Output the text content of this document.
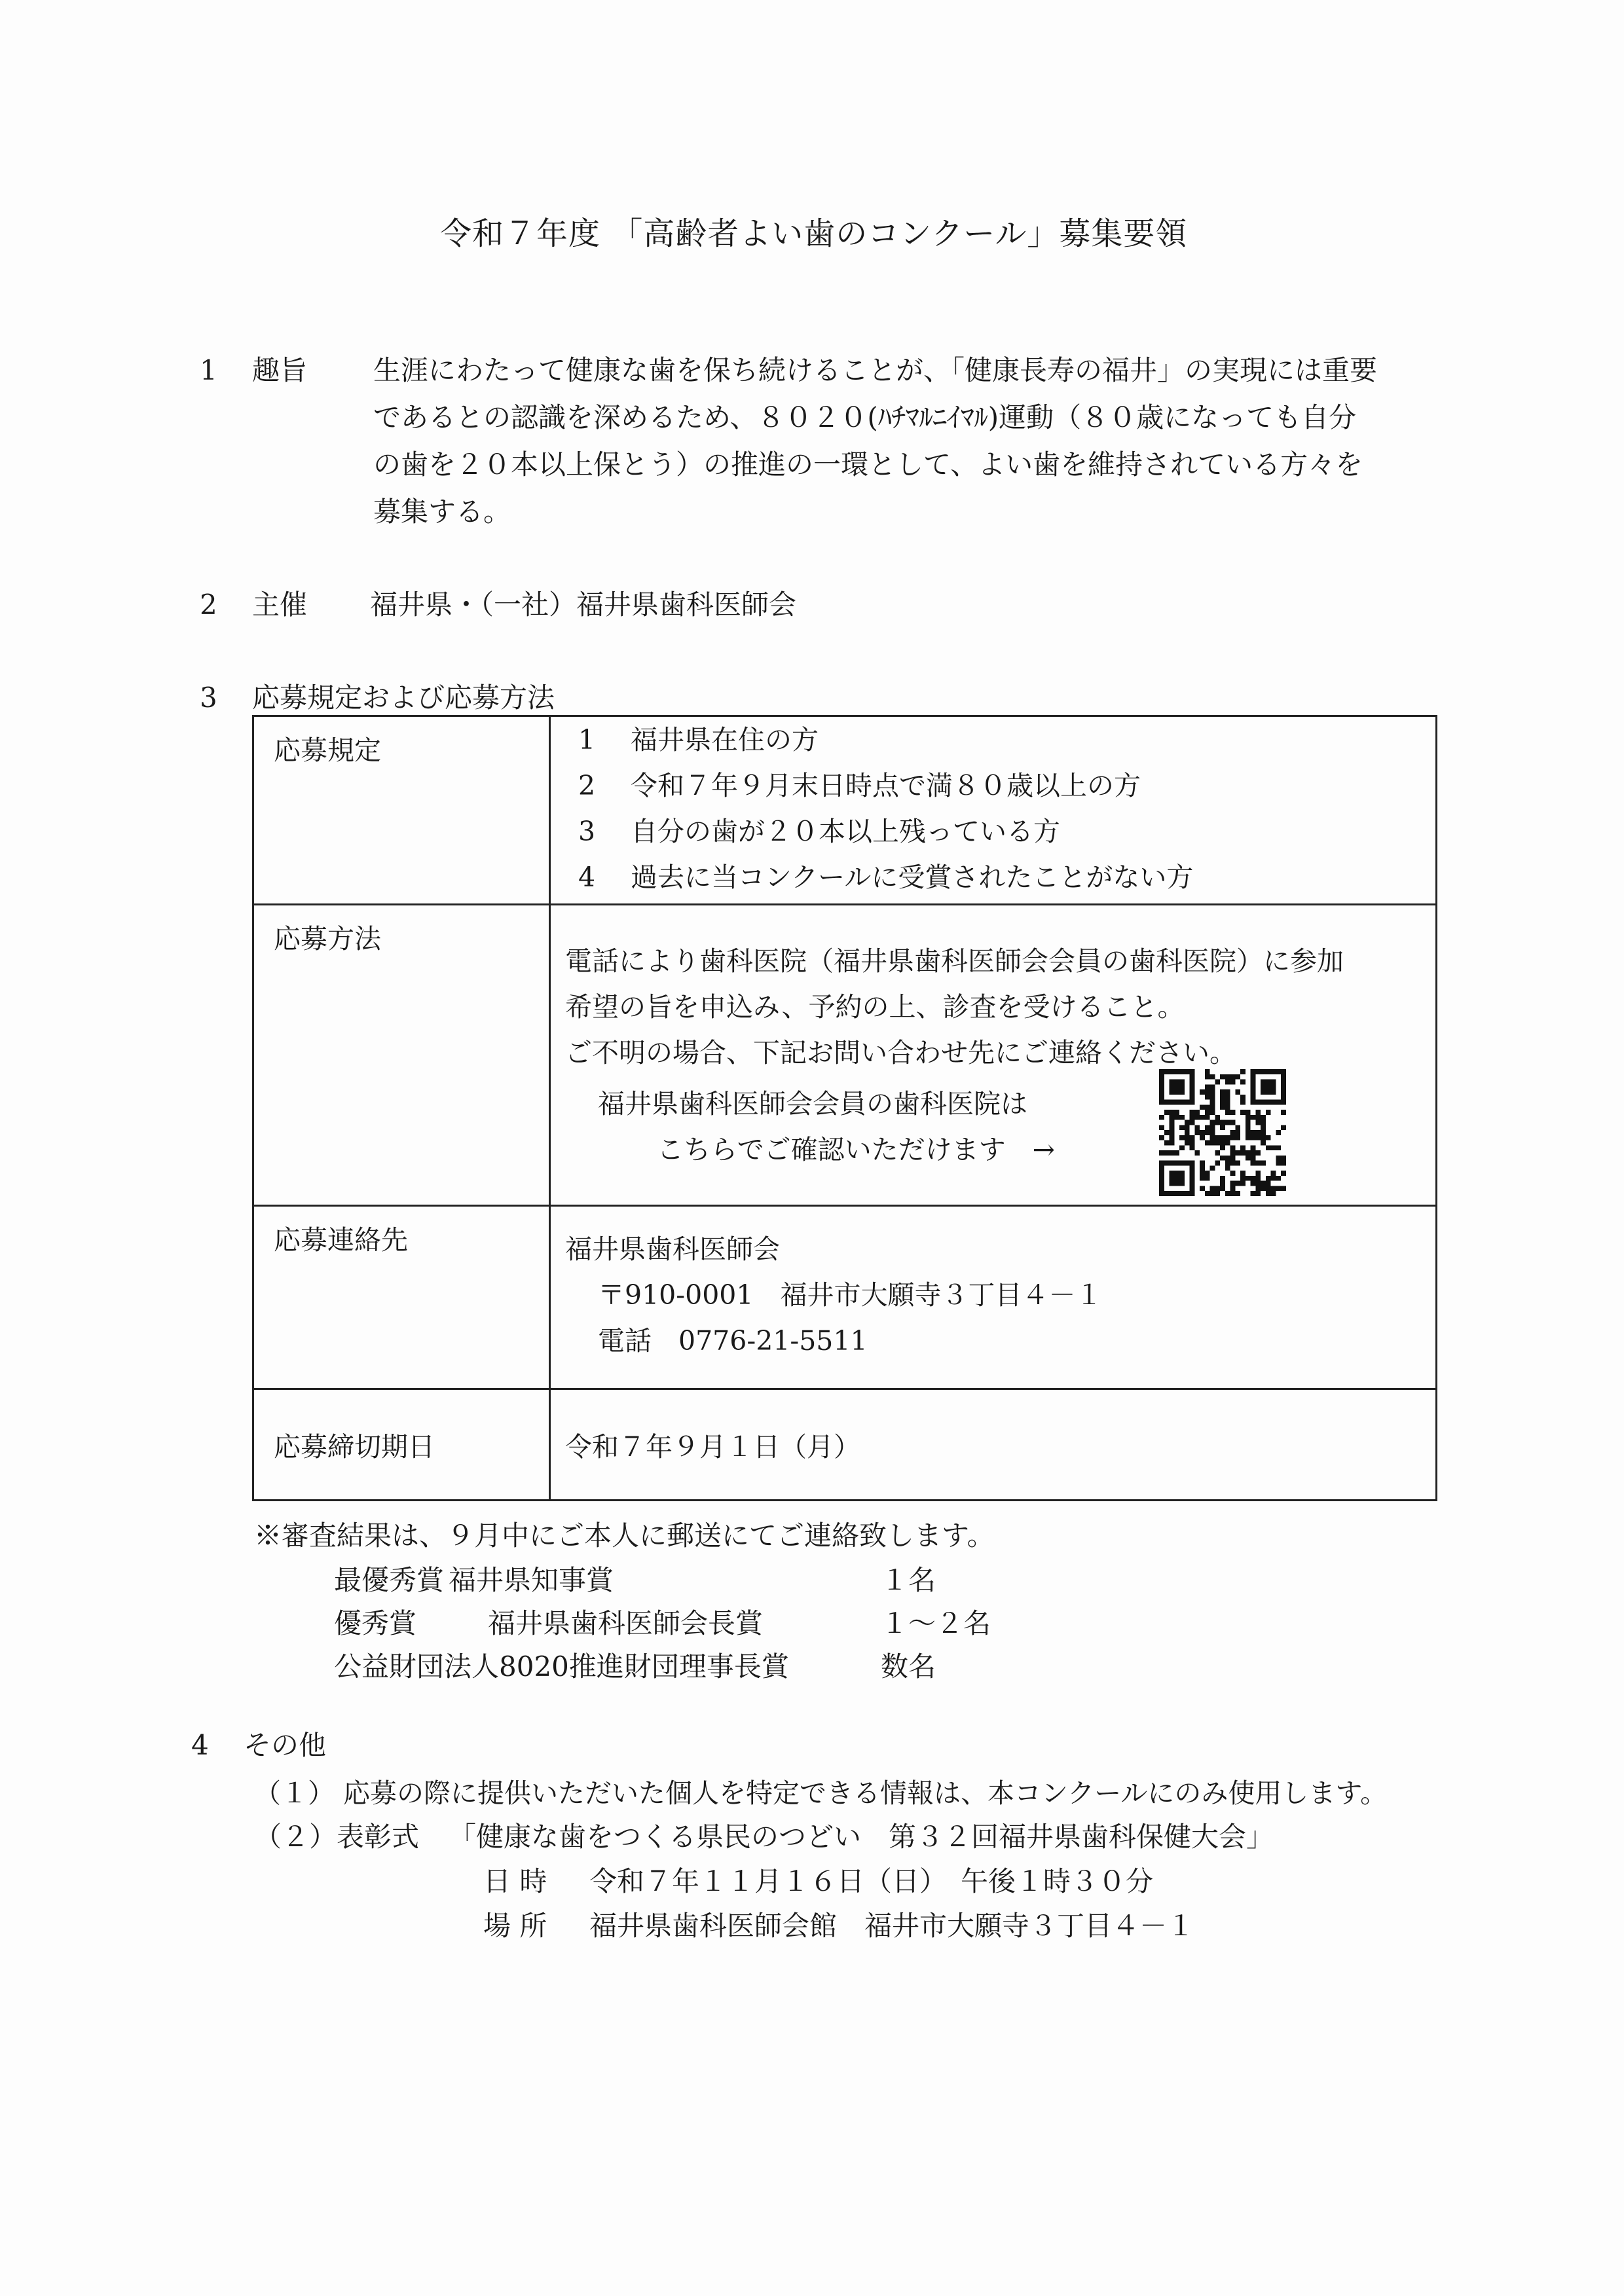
令和７年度 「高齢者よい歯のコンクール」募集要領
1 趣旨 生涯にわたって健康な歯を保ち続けることが、「健康長寿の福井」の実現には重要
であるとの認識を深めるため、８０２０(ﾊﾁﾏﾙﾆｲﾏﾙ)運動（８０歳になっても自分
の歯を２０本以上保とう）の推進の一環として、よい歯を維持されている方々を
募集する。
2 主催 福井県・（一社）福井県歯科医師会
3 応募規定および応募方法
応募規定	1 福井県在住の方
2 令和７年９月末日時点で満８０歳以上の方
3 自分の歯が２０本以上残っている方
4 過去に当コンクールに受賞されたことがない方

応募方法	電話により歯科医院（福井県歯科医師会会員の歯科医院）に参加
希望の旨を申込み、予約の上、診査を受けること。
ご不明の場合、下記お問い合わせ先にご連絡ください。
福井県歯科医師会会員の歯科医院は
こちらでご確認いただけます　→

応募連絡先	福井県歯科医師会
〒910-0001　福井市大願寺３丁目４－１
電話　0776-21-5511

応募締切期日	令和７年９月１日（月）
※審査結果は、９月中にご本人に郵送にてご連絡致します。
最優秀賞 福井県知事賞	１名
優秀賞	福井県歯科医師会長賞	１～２名
公益財団法人8020推進財団理事長賞	数名
4 その他
（１） 応募の際に提供いただいた個人を特定できる情報は、本コンクールにのみ使用します。
（２）表彰式 「健康な歯をつくる県民のつどい　第３２回福井県歯科保健大会」
日 時 令和７年１１月１６日（日）　午後１時３０分
場 所 福井県歯科医師会館　福井市大願寺３丁目４－１
